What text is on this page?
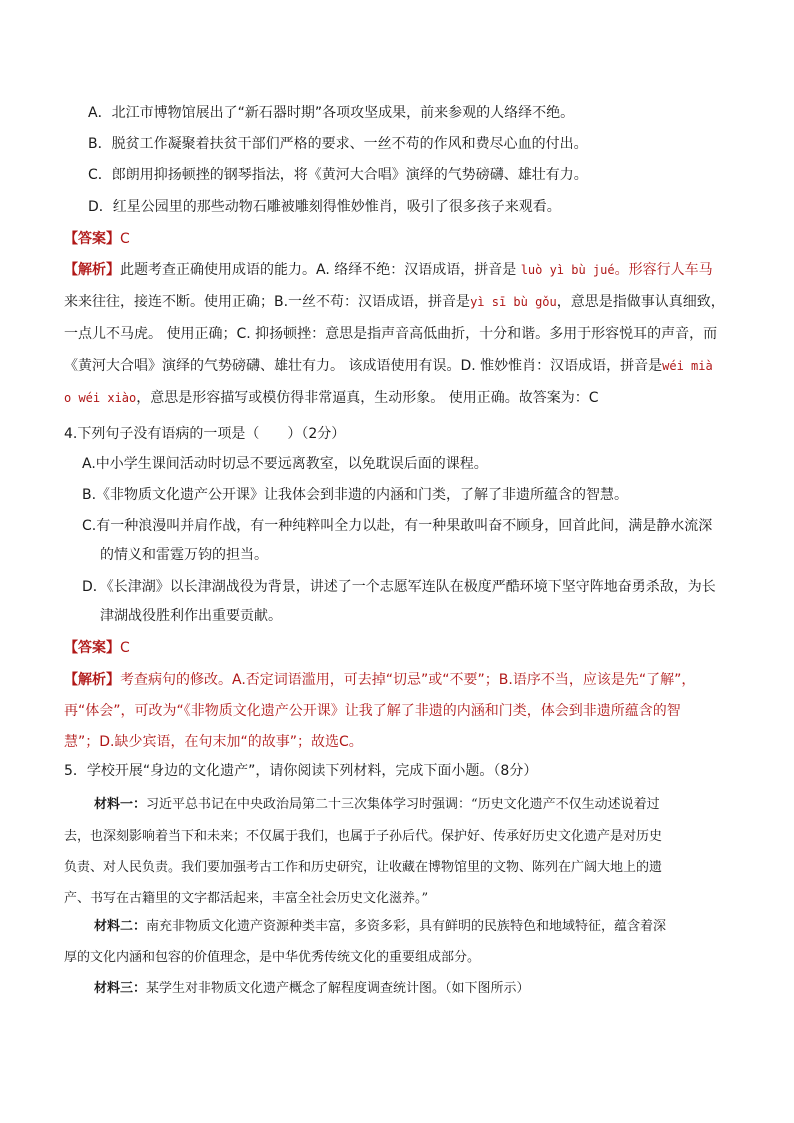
A．北江市博物馆展出了“新石器时期”各项攻坚成果，前来参观的人络绎不绝。
B．脱贫工作凝聚着扶贫干部们严格的要求、一丝不苟的作风和费尽心血的付出。
C．郎朗用抑扬顿挫的钢琴指法，将《黄河大合唱》演绎的气势磅礴、雄壮有力。
D．红星公园里的那些动物石雕被雕刻得惟妙惟肖，吸引了很多孩子来观看。
【答案】C
【解析】此题考查正确使用成语的能力。A. 络绎不绝：汉语成语，拼音是 luò yì bù jué。形容行人车马
来来往往，接连不断。使用正确；B.一丝不苟：汉语成语，拼音是yì sī bù gǒu，意思是指做事认真细致，
一点儿不马虎。 使用正确；C. 抑扬顿挫：意思是指声音高低曲折，十分和谐。多用于形容悦耳的声音，而
《黄河大合唱》演绎的气势磅礴、雄壮有力。 该成语使用有误。D. 惟妙惟肖：汉语成语，拼音是wéi mià
o wéi xiào，意思是形容描写或模仿得非常逼真，生动形象。 使用正确。故答案为：C
4.下列句子没有语病的一项是（　　）（2分）
A.中小学生课间活动时切忌不要远离教室，以免耽误后面的课程。
B.《非物质文化遗产公开课》让我体会到非遗的内涵和门类，了解了非遗所蕴含的智慧。
C.有一种浪漫叫并肩作战，有一种纯粹叫全力以赴，有一种果敢叫奋不顾身，回首此间，满是静水流深
的情义和雷霆万钧的担当。
D．《长津湖》以长津湖战役为背景，讲述了一个志愿军连队在极度严酷环境下坚守阵地奋勇杀敌，为长
津湖战役胜利作出重要贡献。
【答案】C
【解析】考查病句的修改。A.否定词语滥用，可去掉“切忌”或“不要”；B.语序不当，应该是先“了解”，
再“体会”，可改为“《非物质文化遗产公开课》让我了解了非遗的内涵和门类，体会到非遗所蕴含的智
慧”；D.缺少宾语，在句末加“的故事”；故选C。
5．学校开展“身边的文化遗产”，请你阅读下列材料，完成下面小题。（8分）
材料一：习近平总书记在中央政治局第二十三次集体学习时强调：“历史文化遗产不仅生动述说着过
去，也深刻影响着当下和未来；不仅属于我们，也属于子孙后代。保护好、传承好历史文化遗产是对历史
负责、对人民负责。我们要加强考古工作和历史研究，让收藏在博物馆里的文物、陈列在广阔大地上的遗
产、书写在古籍里的文字都活起来，丰富全社会历史文化滋养。”
材料二：南充非物质文化遗产资源种类丰富，多资多彩，具有鲜明的民族特色和地域特征，蕴含着深
厚的文化内涵和包容的价值理念，是中华优秀传统文化的重要组成部分。
材料三：某学生对非物质文化遗产概念了解程度调查统计图。（如下图所示）
